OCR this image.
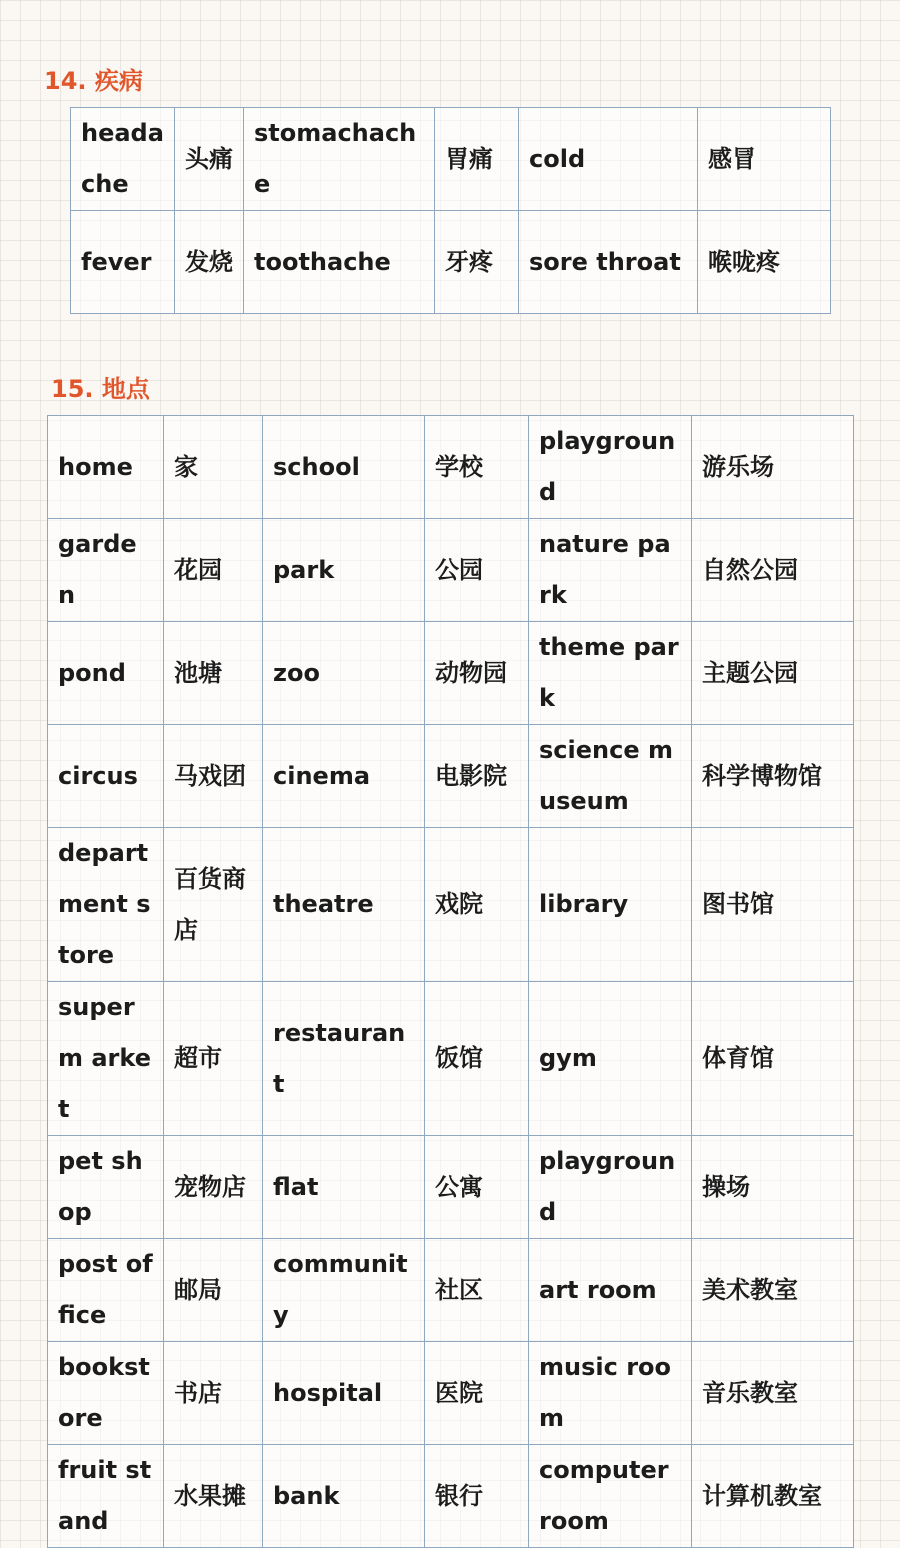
14. 疾病
heada che	头痛	stomachache	胃痛	cold	感冒
fever	发烧	toothache	牙疼	sore throat	喉咙疼
15. 地点
home	家	school	学校	playground	游乐场
garden	花园	park	公园	nature park	自然公园
pond	池塘	zoo	动物园	theme park	主题公园
circus	马戏团	cinema	电影院	science museum	科学博物馆
depart ment store	百货商店	theatre	戏院	library	图书馆
superm arket	超市	restaurant	饭馆	gym	体育馆
pet shop	宠物店	flat	公寓	playground	操场
post office	邮局	community	社区	art room	美术教室
bookst ore	书店	hospital	医院	music room	音乐教室
fruit stand	水果摊	bank	银行	computer room	计算机教室
